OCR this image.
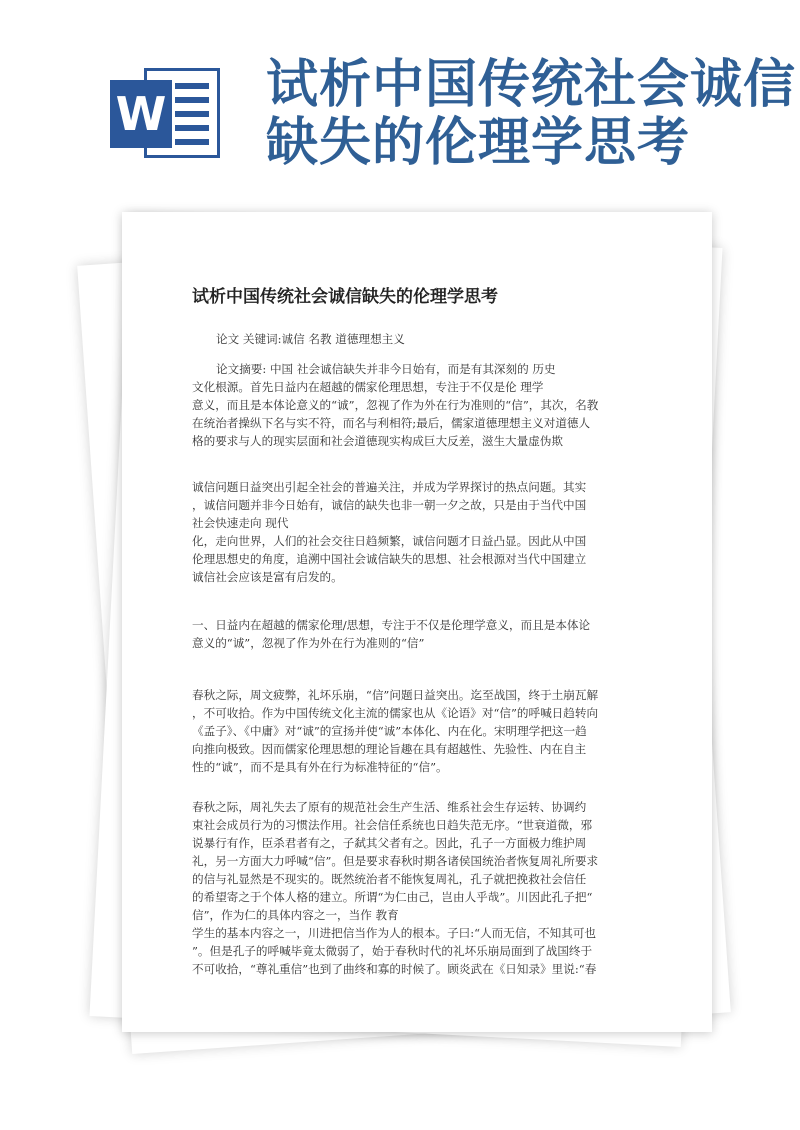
W 试析中国传统社会诚信
缺失的伦理学思考
试析中国传统社会诚信缺失的伦理学思考
论文 关键词:诚信 名教 道德理想主义
论文摘要: 中国 社会诚信缺失并非今日始有，而是有其深刻的 历史
文化根源。首先日益内在超越的儒家伦理思想，专注于不仅是伦 理学
意义，而且是本体论意义的“诚”，忽视了作为外在行为准则的“信”，其次，名教
在统治者操纵下名与实不符，而名与利相符;最后，儒家道德理想主义对道德人
格的要求与人的现实层面和社会道德现实构成巨大反差，滋生大量虚伪欺
诚信问题日益突出引起全社会的普遍关注，并成为学界探讨的热点问题。其实
，诚信问题并非今日始有，诚信的缺失也非一朝一夕之故，只是由于当代中国
社会快速走向 现代
化，走向世界，人们的社会交往日趋频繁，诚信问题才日益凸显。因此从中国
伦理思想史的角度，追溯中国社会诚信缺失的思想、社会根源对当代中国建立
诚信社会应该是富有启发的。
一、日益内在超越的儒家伦理/思想，专注于不仅是伦理学意义，而且是本体论
意义的“诚”，忽视了作为外在行为准则的“信”
春秋之际，周文疲弊，礼坏乐崩，“信”问题日益突出。迄至战国，终于土崩瓦解
，不可收拾。作为中国传统文化主流的儒家也从《论语》对“信”的呼喊日趋转向
《孟子》、《中庸》对“诚”的宣扬并使“诚”本体化、内在化。宋明理学把这一趋
向推向极致。因而儒家伦理思想的理论旨趣在具有超越性、先验性、内在自主
性的“诚”，而不是具有外在行为标准特征的“信”。
春秋之际，周礼失去了原有的规范社会生产生活、维系社会生存运转、协调约
束社会成员行为的习惯法作用。社会信任系统也日趋失范无序。“世衰道微，邪
说暴行有作，臣杀君者有之，子弑其父者有之。因此，孔子一方面极力维护周
礼，另一方面大力呼喊“信”。但是要求春秋时期各诸侯国统治者恢复周礼所要求
的信与礼显然是不现实的。既然统治者不能恢复周礼，孔子就把挽救社会信任
的希望寄之于个体人格的建立。所谓“为仁由己，岂由人乎哉”。川因此孔子把“
信”，作为仁的具体内容之一，当作 教育
学生的基本内容之一，川进把信当作为人的根本。子曰:“人而无信，不知其可也
”。但是孔子的呼喊毕竟太微弱了，始于春秋时代的礼坏乐崩局面到了战国终于
不可收拾，“尊礼重信”也到了曲终和寡的时候了。顾炎武在《日知录》里说:“春
